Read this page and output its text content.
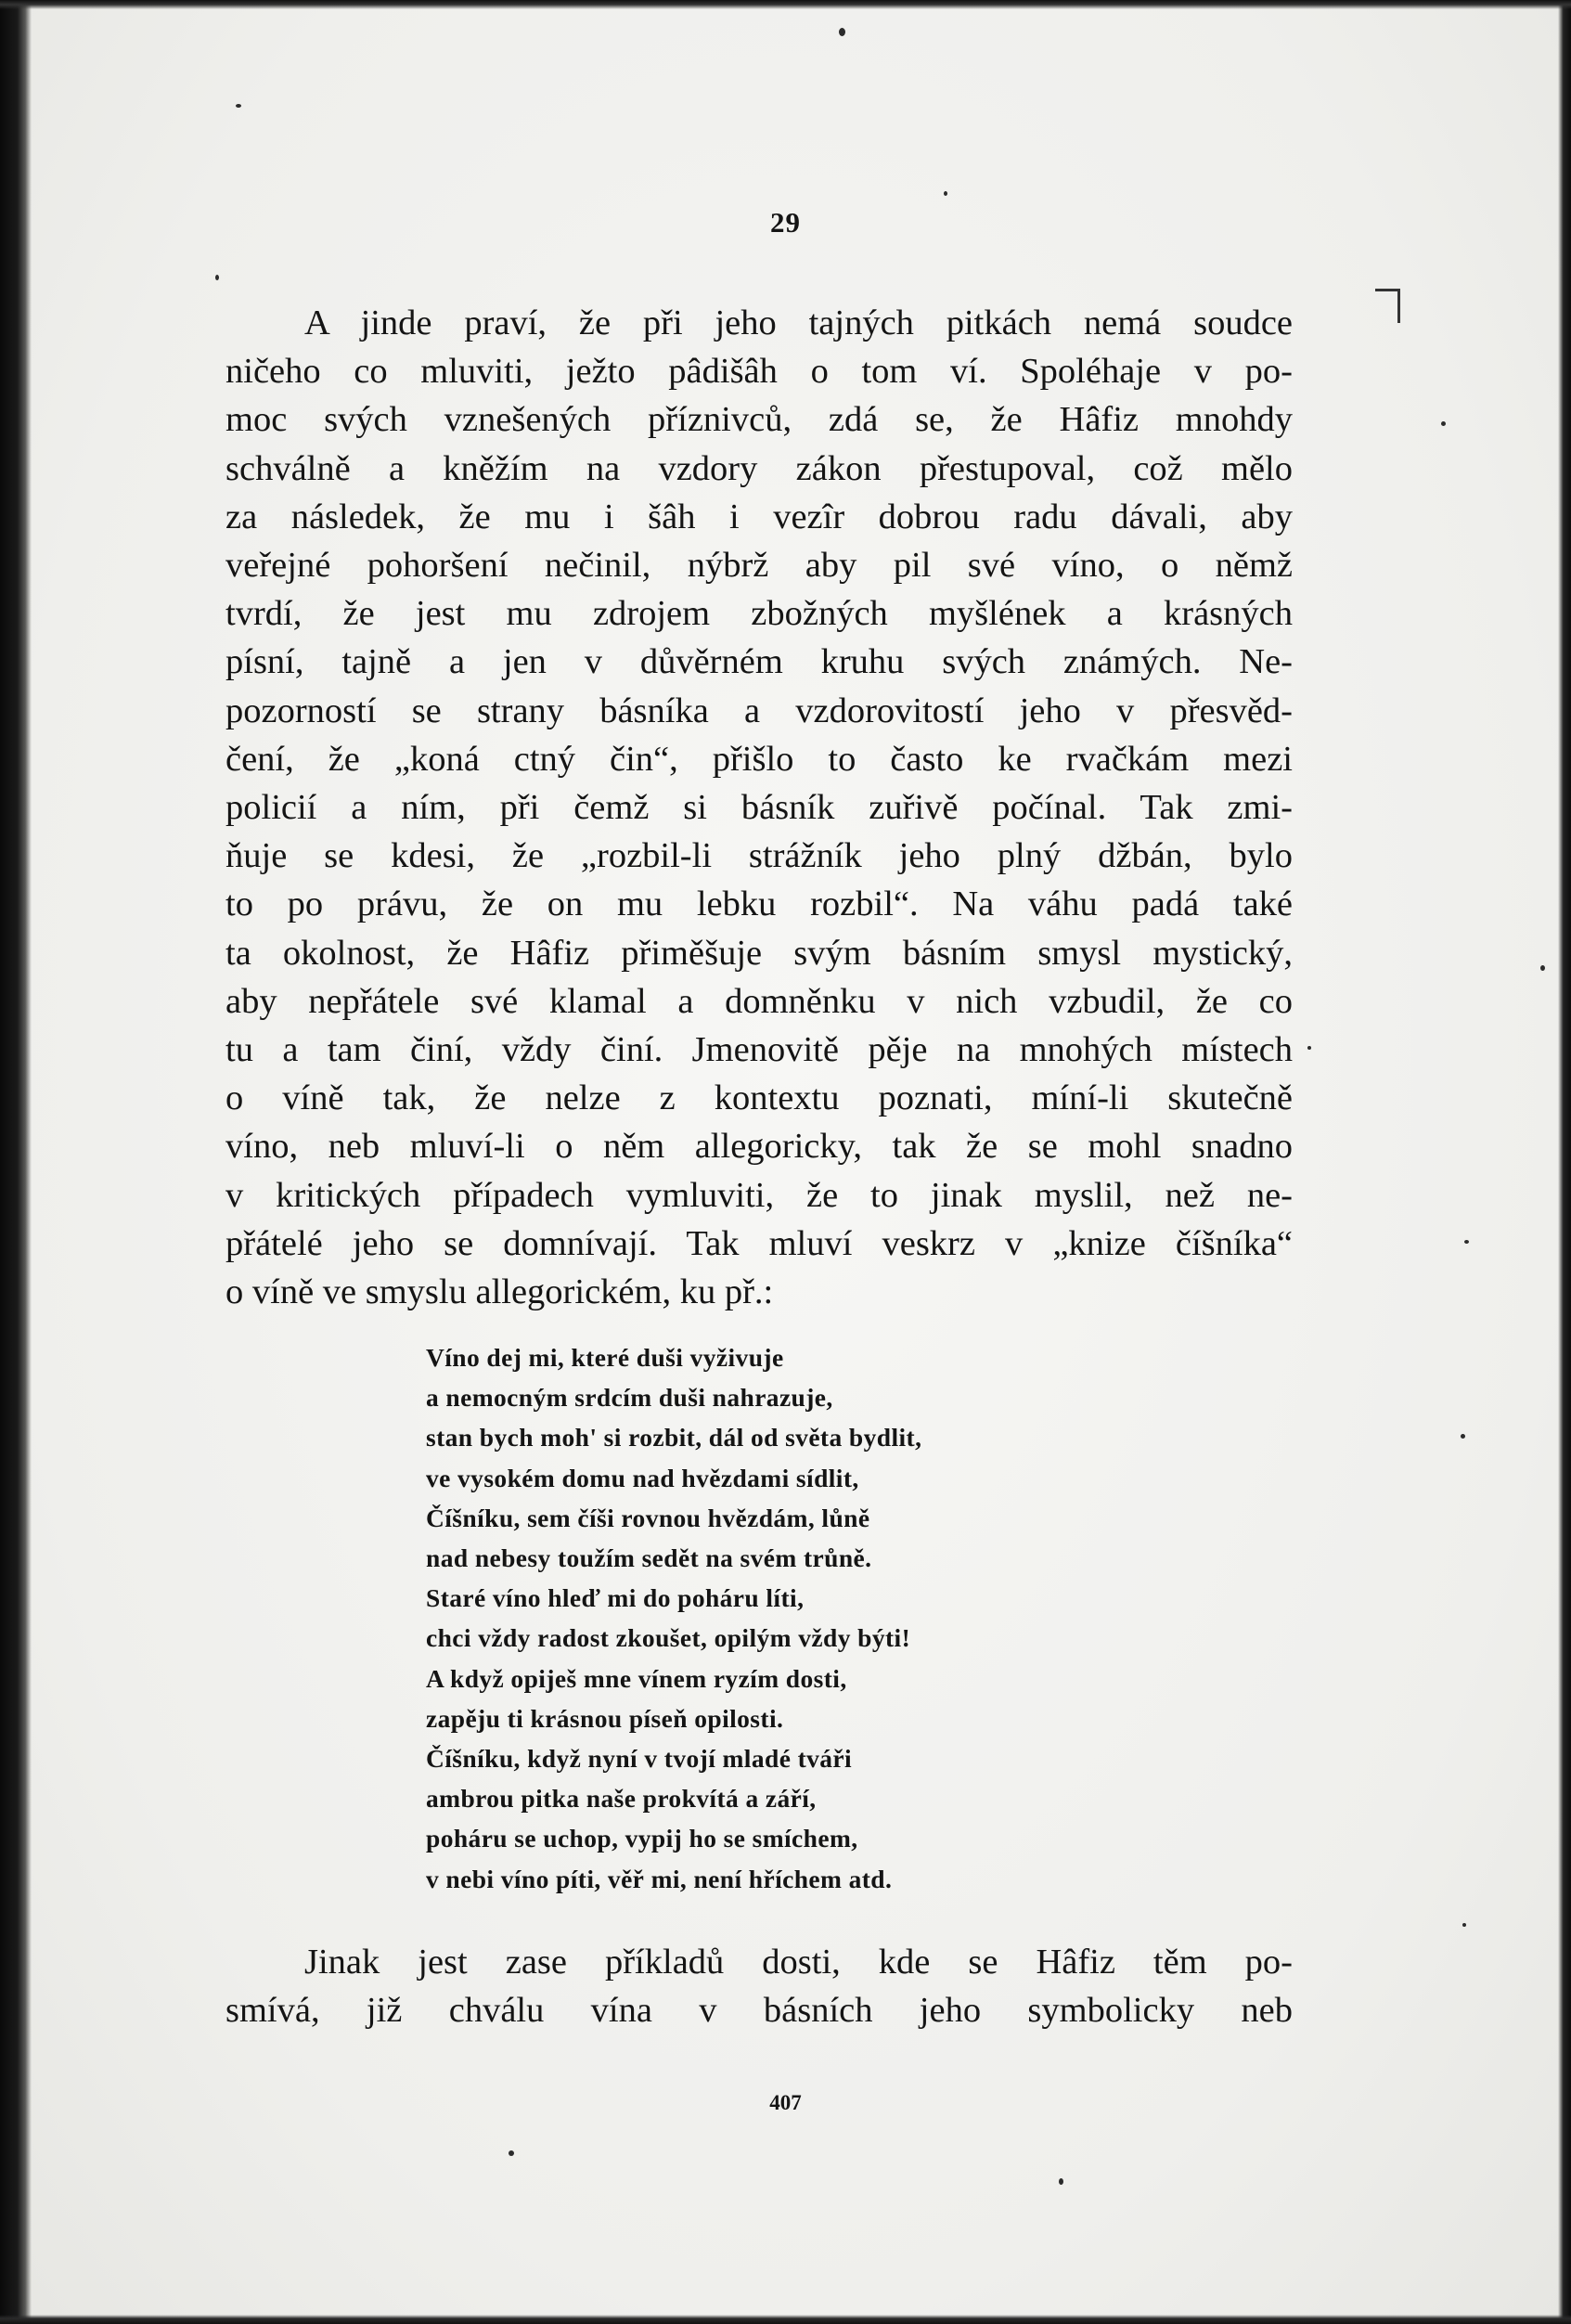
29
A jinde praví, že při jeho tajných pitkách nemá soudce
ničeho co mluviti, ježto pâdišâh o tom ví. Spoléhaje v po-
moc svých vznešených příznivců, zdá se, že Hâfiz mnohdy
schválně a kněžím na vzdory zákon přestupoval, což mělo
za následek, že mu i šâh i vezîr dobrou radu dávali, aby
veřejné pohoršení nečinil, nýbrž aby pil své víno, o němž
tvrdí, že jest mu zdrojem zbožných myšlének a krásných
písní, tajně a jen v důvěrném kruhu svých známých. Ne-
pozorností se strany básníka a vzdorovitostí jeho v přesvěd-
čení, že „koná ctný čin“, přišlo to často ke rvačkám mezi
policií a ním, při čemž si básník zuřivě počínal. Tak zmi-
ňuje se kdesi, že „rozbil-li strážník jeho plný džbán, bylo
to po právu, že on mu lebku rozbil“. Na váhu padá také
ta okolnost, že Hâfiz přiměšuje svým básním smysl mystický,
aby nepřátele své klamal a domněnku v nich vzbudil, že co
tu a tam činí, vždy činí. Jmenovitě pěje na mnohých místech
o víně tak, že nelze z kontextu poznati, míní-li skutečně
víno, neb mluví-li o něm allegoricky, tak že se mohl snadno
v kritických případech vymluviti, že to jinak myslil, než ne-
přátelé jeho se domnívají. Tak mluví veskrz v „knize číšníka“
o víně ve smyslu allegorickém, ku př.:
Víno dej mi, které duši vyživuje
a nemocným srdcím duši nahrazuje,
stan bych moh' si rozbit, dál od světa bydlit,
ve vysokém domu nad hvězdami sídlit,
Číšníku, sem číši rovnou hvězdám, lůně
nad nebesy toužím sedět na svém trůně.
Staré víno hleď mi do poháru líti,
chci vždy radost zkoušet, opilým vždy býti!
A když opiješ mne vínem ryzím dosti,
zapěju ti krásnou píseň opilosti.
Číšníku, když nyní v tvojí mladé tváři
ambrou pitka naše prokvítá a září,
poháru se uchop, vypij ho se smíchem,
v nebi víno píti, věř mi, není hříchem atd.
Jinak jest zase příkladů dosti, kde se Hâfiz těm po-
smívá, již chválu vína v básních jeho symbolicky neb
407
